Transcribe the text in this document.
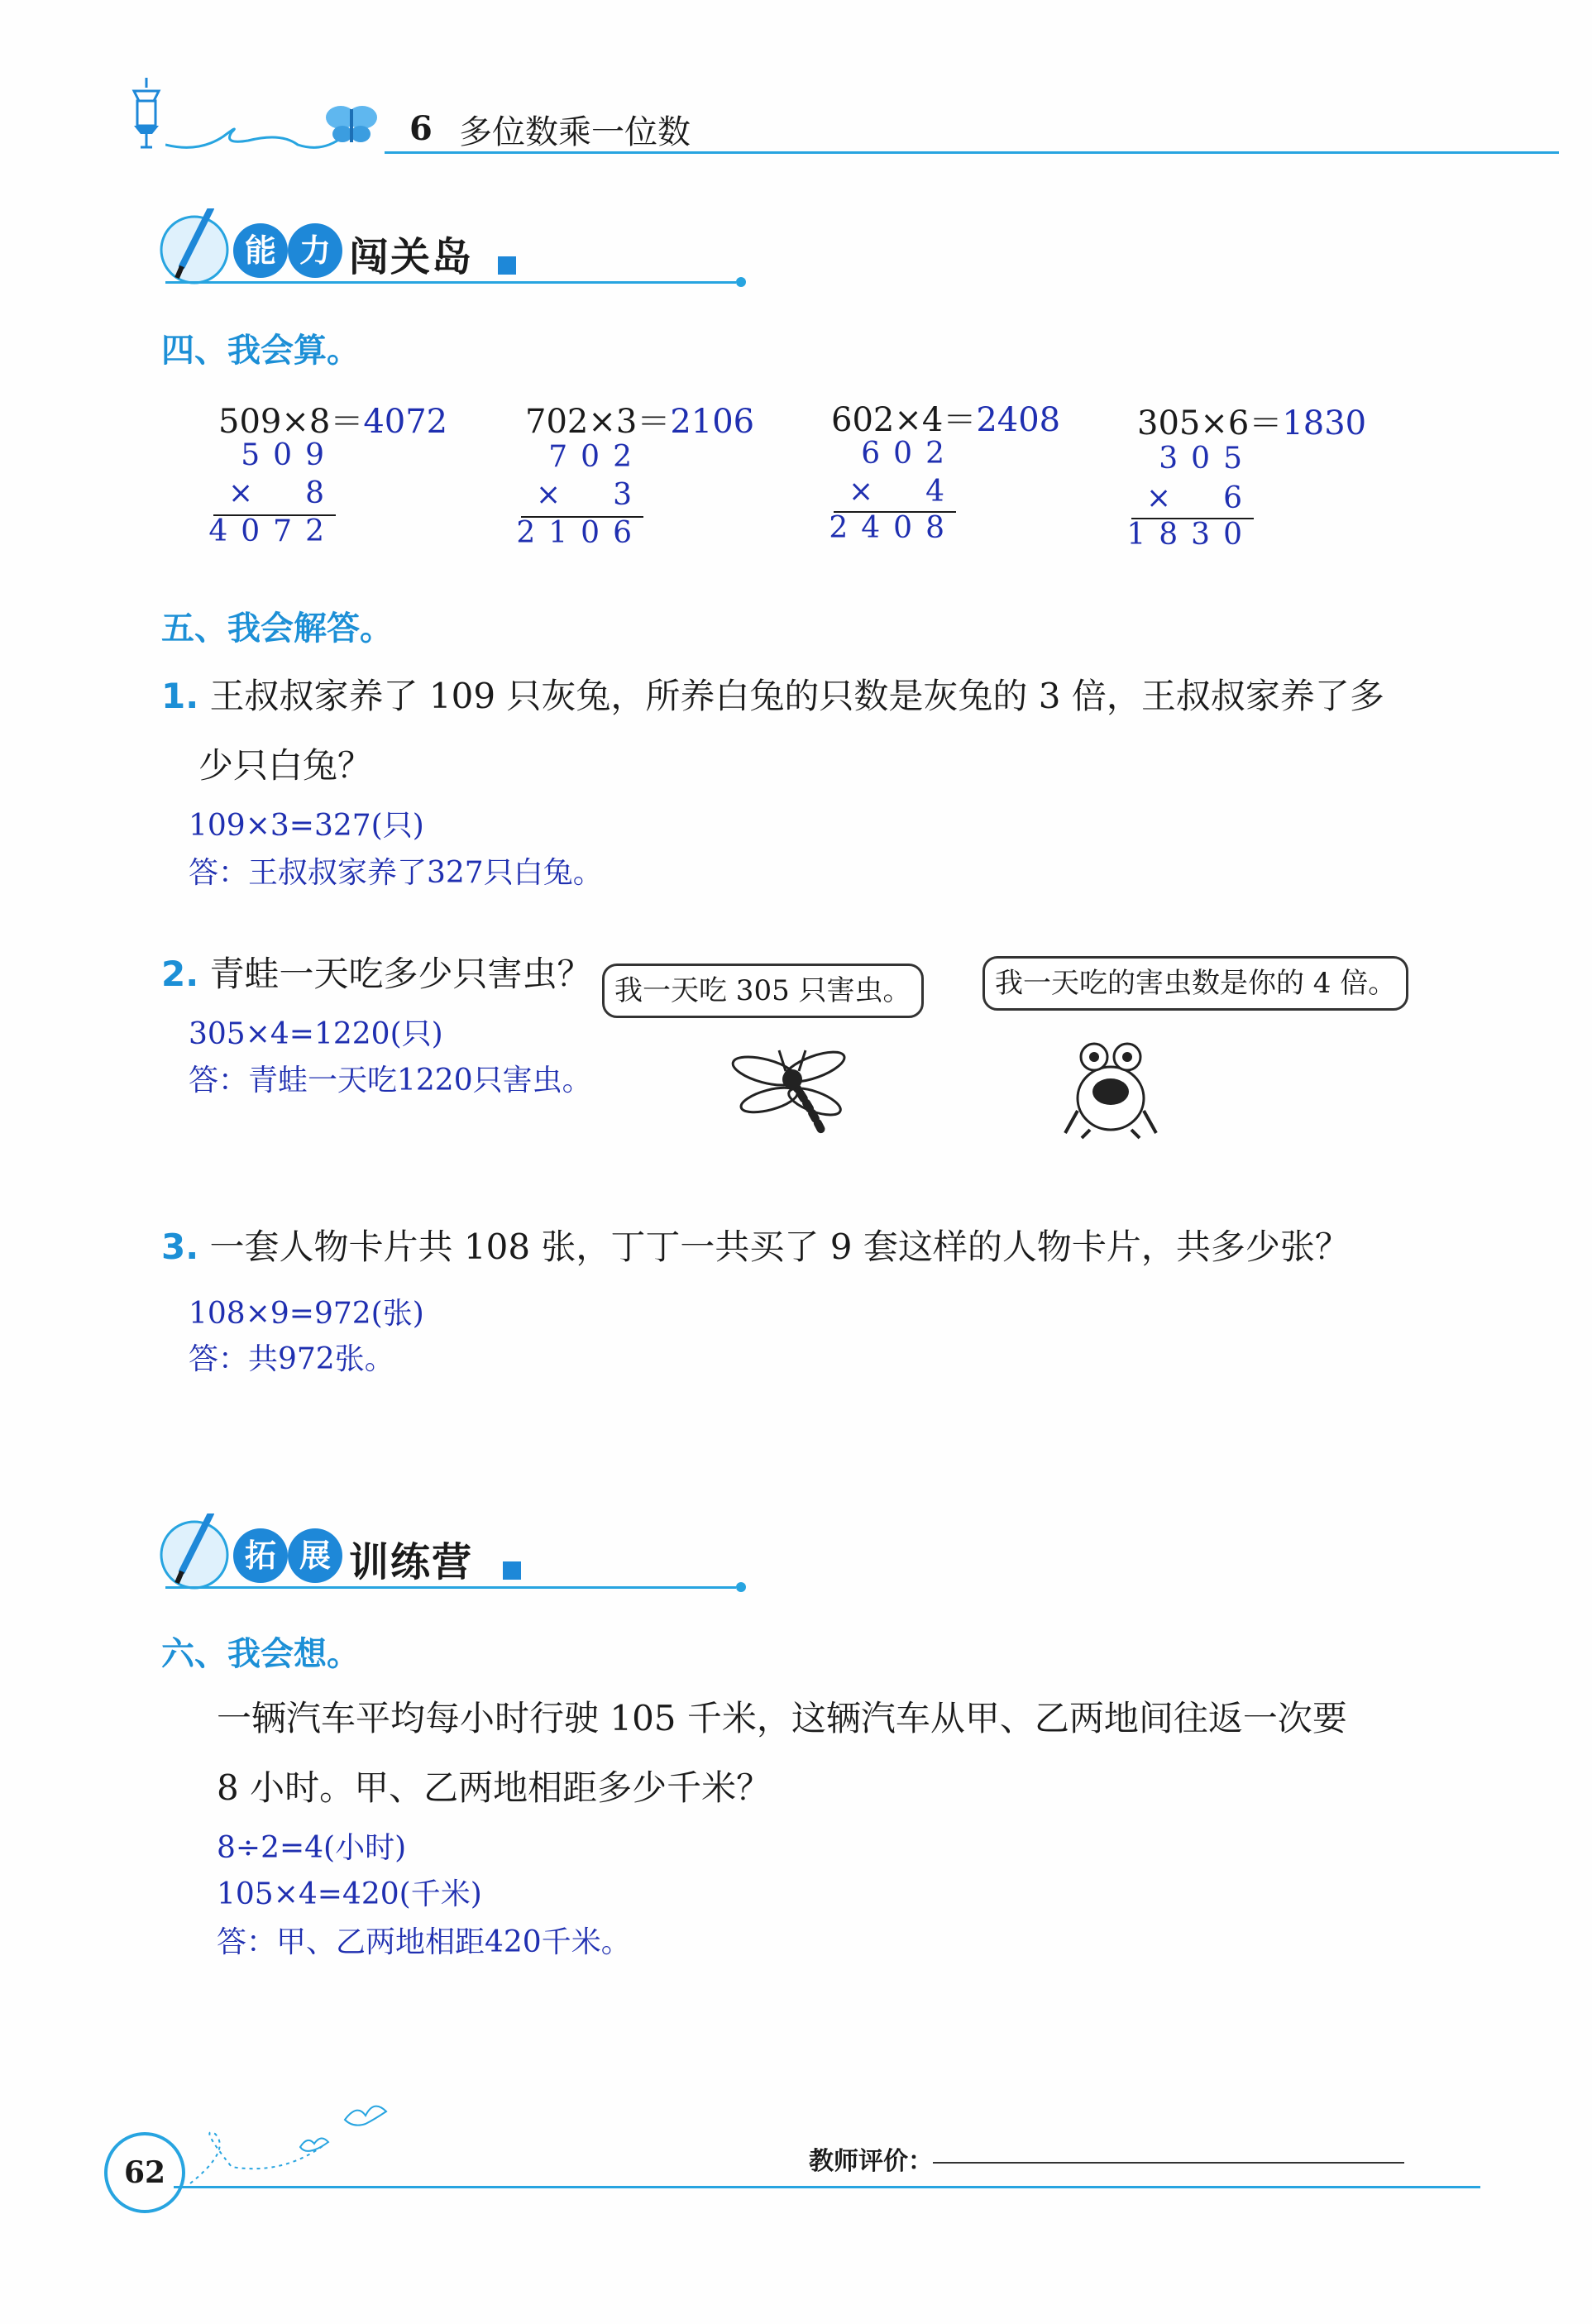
6 多位数乘一位数
能 力 闯关岛
四、我会算。
509×8＝4072
509
× 8
4072
702×3＝2106
702
× 3
2106
602×4＝2408
602
× 4
2408
305×6＝1830
305
× 6
1830
五、我会解答。
1. 王叔叔家养了 109 只灰兔，所养白兔的只数是灰兔的 3 倍，王叔叔家养了多
少只白兔？
109×3=327(只)
答：王叔叔家养了327只白兔。
2. 青蛙一天吃多少只害虫？
305×4=1220(只)
答：青蛙一天吃1220只害虫。
我一天吃 305 只害虫。	我一天吃的害虫数是你的 4 倍。
3. 一套人物卡片共 108 张，丁丁一共买了 9 套这样的人物卡片，共多少张？
108×9=972(张)
答：共972张。
拓 展 训练营
六、我会想。
一辆汽车平均每小时行驶 105 千米，这辆汽车从甲、乙两地间往返一次要
8 小时。甲、乙两地相距多少千米？
8÷2=4(小时)
105×4=420(千米)
答：甲、乙两地相距420千米。
62	教师评价：
